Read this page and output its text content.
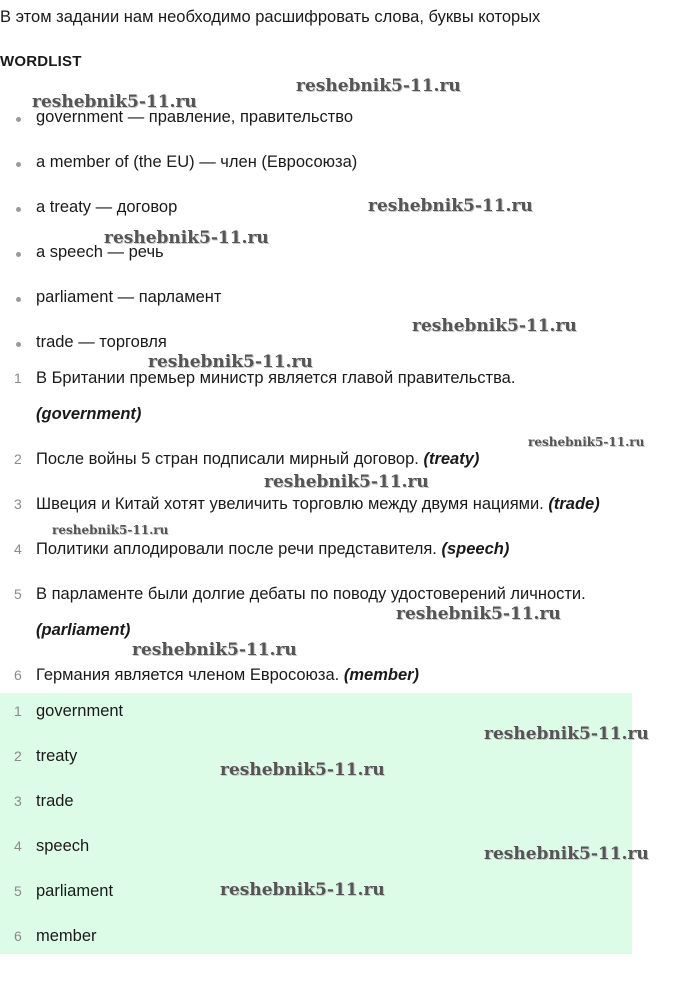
В этом задании нам необходимо расшифровать слова, буквы которых
WORDLIST
government — правление, правительство
a member of (the EU) — член (Евросоюза)
a treaty — договор
a speech — речь
parliament — парламент
trade — торговля
1 В Британии премьер министр является главой правительства.
(government)
2 После войны 5 стран подписали мирный договор. (treaty)
3 Швеция и Китай хотят увеличить торговлю между двумя нациями. (trade)
4 Политики аплодировали после речи представителя. (speech)
5 В парламенте были долгие дебаты по поводу удостоверений личности.
(parliament)
6 Германия является членом Евросоюза. (member)
1 government
2 treaty
3 trade
4 speech
5 parliament
6 member
reshebnik5-11.ru
reshebnik5-11.ru
reshebnik5-11.ru
reshebnik5-11.ru
reshebnik5-11.ru
reshebnik5-11.ru
reshebnik5-11.ru
reshebnik5-11.ru
reshebnik5-11.ru
reshebnik5-11.ru
reshebnik5-11.ru
reshebnik5-11.ru
reshebnik5-11.ru
reshebnik5-11.ru
reshebnik5-11.ru
